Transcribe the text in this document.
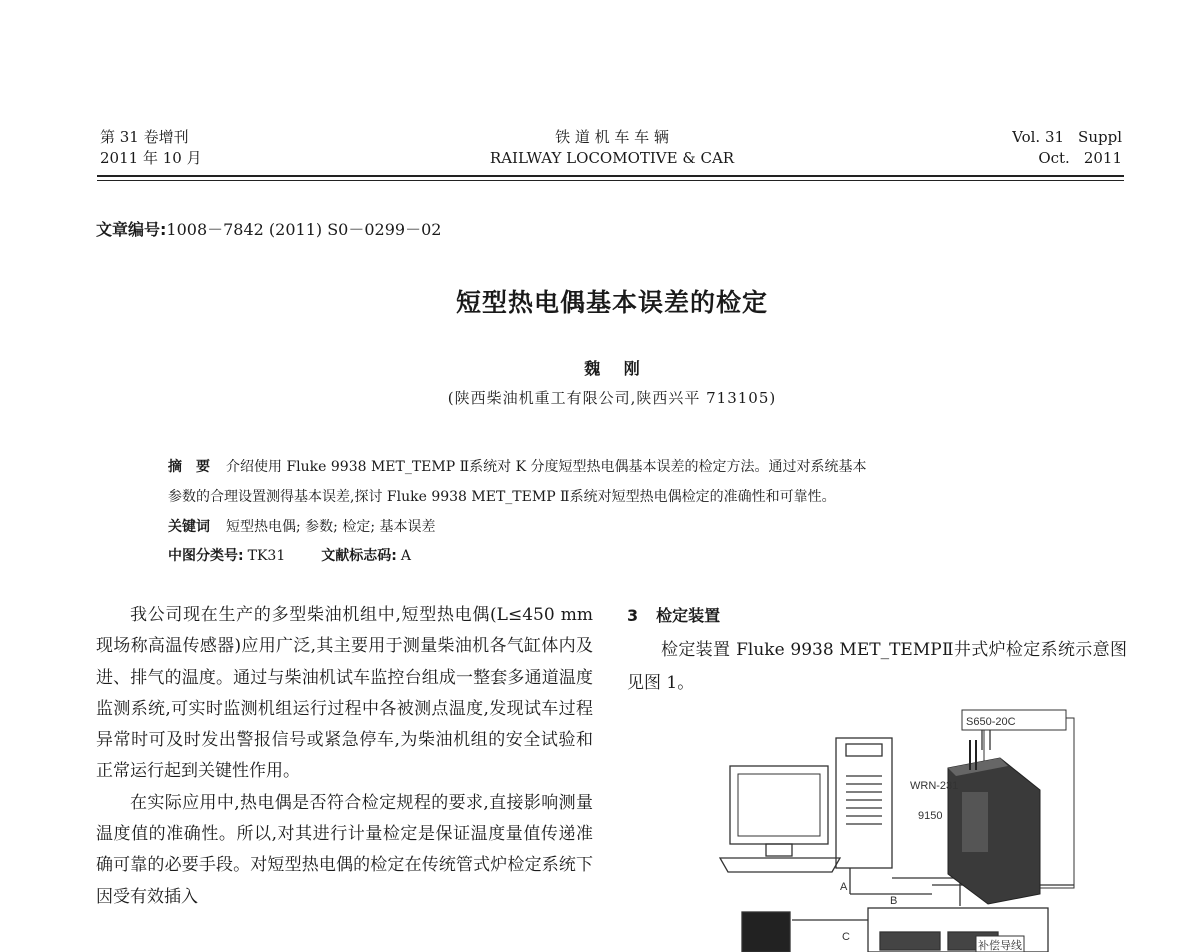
第 31 卷增刊
2011 年 10 月
铁 道 机 车 车 辆
RAILWAY LOCOMOTIVE & CAR
Vol. 31 Suppl
Oct. 2011
文章编号:1008－7842 (2011) S0－0299－02
短型热电偶基本误差的检定
魏 刚
(陕西柴油机重工有限公司,陕西兴平 713105)
摘　要 介绍使用 Fluke 9938 MET_TEMP Ⅱ系统对 K 分度短型热电偶基本误差的检定方法。通过对系统基本
参数的合理设置测得基本误差,探讨 Fluke 9938 MET_TEMP Ⅱ系统对短型热电偶检定的准确性和可靠性。
关键词 短型热电偶; 参数; 检定; 基本误差
中图分类号: TK31	文献标志码: A

我公司现在生产的多型柴油机组中,短型热电偶(L≤450 mm 现场称高温传感器)应用广泛,其主要用于测量柴油机各气缸体内及进、排气的温度。通过与柴油机试车监控台组成一整套多通道温度监测系统,可实时监测机组运行过程中各被测点温度,发现试车过程异常时可及时发出警报信号或紧急停车,为柴油机组的安全试验和正常运行起到关键性作用。

在实际应用中,热电偶是否符合检定规程的要求,直接影响测量温度值的准确性。所以,对其进行计量检定是保证温度量值传递准确可靠的必要手段。对短型热电偶的检定在传统管式炉检定系统下因受有效插入

3 检定装置

检定装置 Fluke 9938 MET_TEMPⅡ井式炉检定系统示意图见图 1。

S650-20C
WRN-231
9150
A
B
C
补偿导线
